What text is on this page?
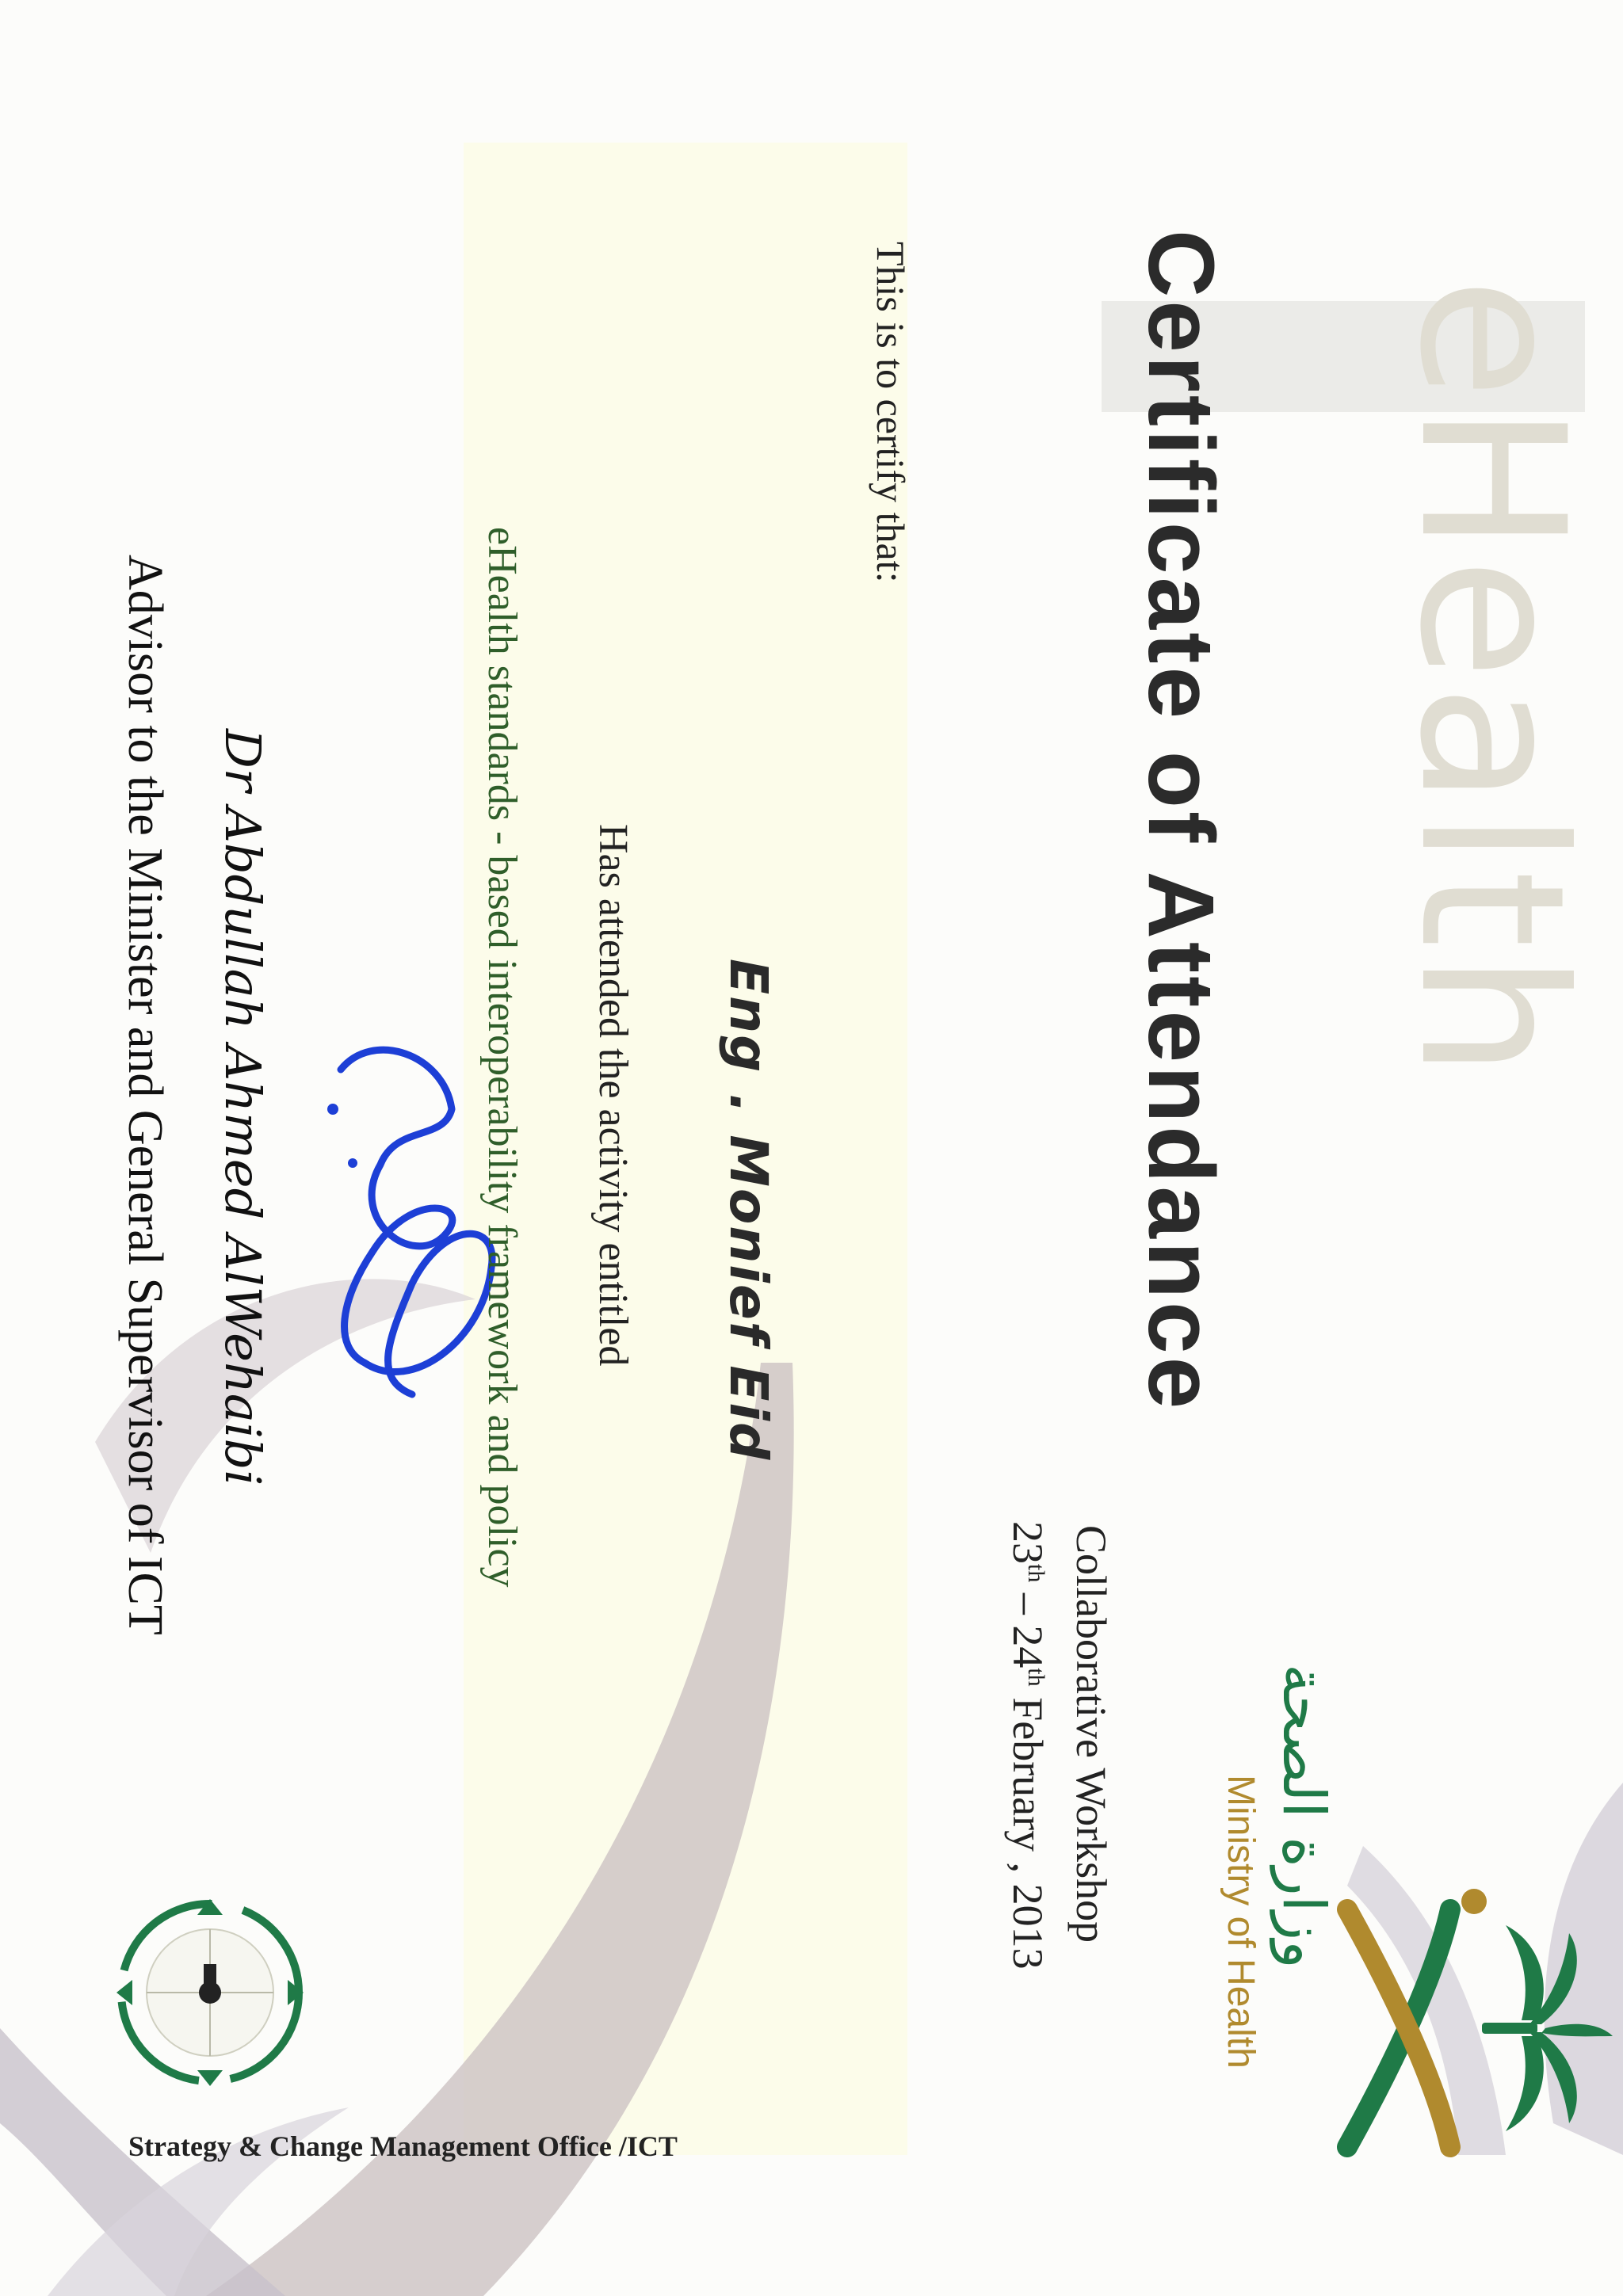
eHealth
Certificate of Attendance
وزارة الصحة
Ministry of Health
Collaborative Workshop
23th – 24th February , 2013
This is to certify that:
Eng . Monief Eid
Has attended the activity entitled
eHealth standards - based interoperability framework and policy
Dr Abdullah Ahmed AlWehaibi
Advisor to the Minister and General Supervisor of ICT
Strategy & Change Management Office /ICT
